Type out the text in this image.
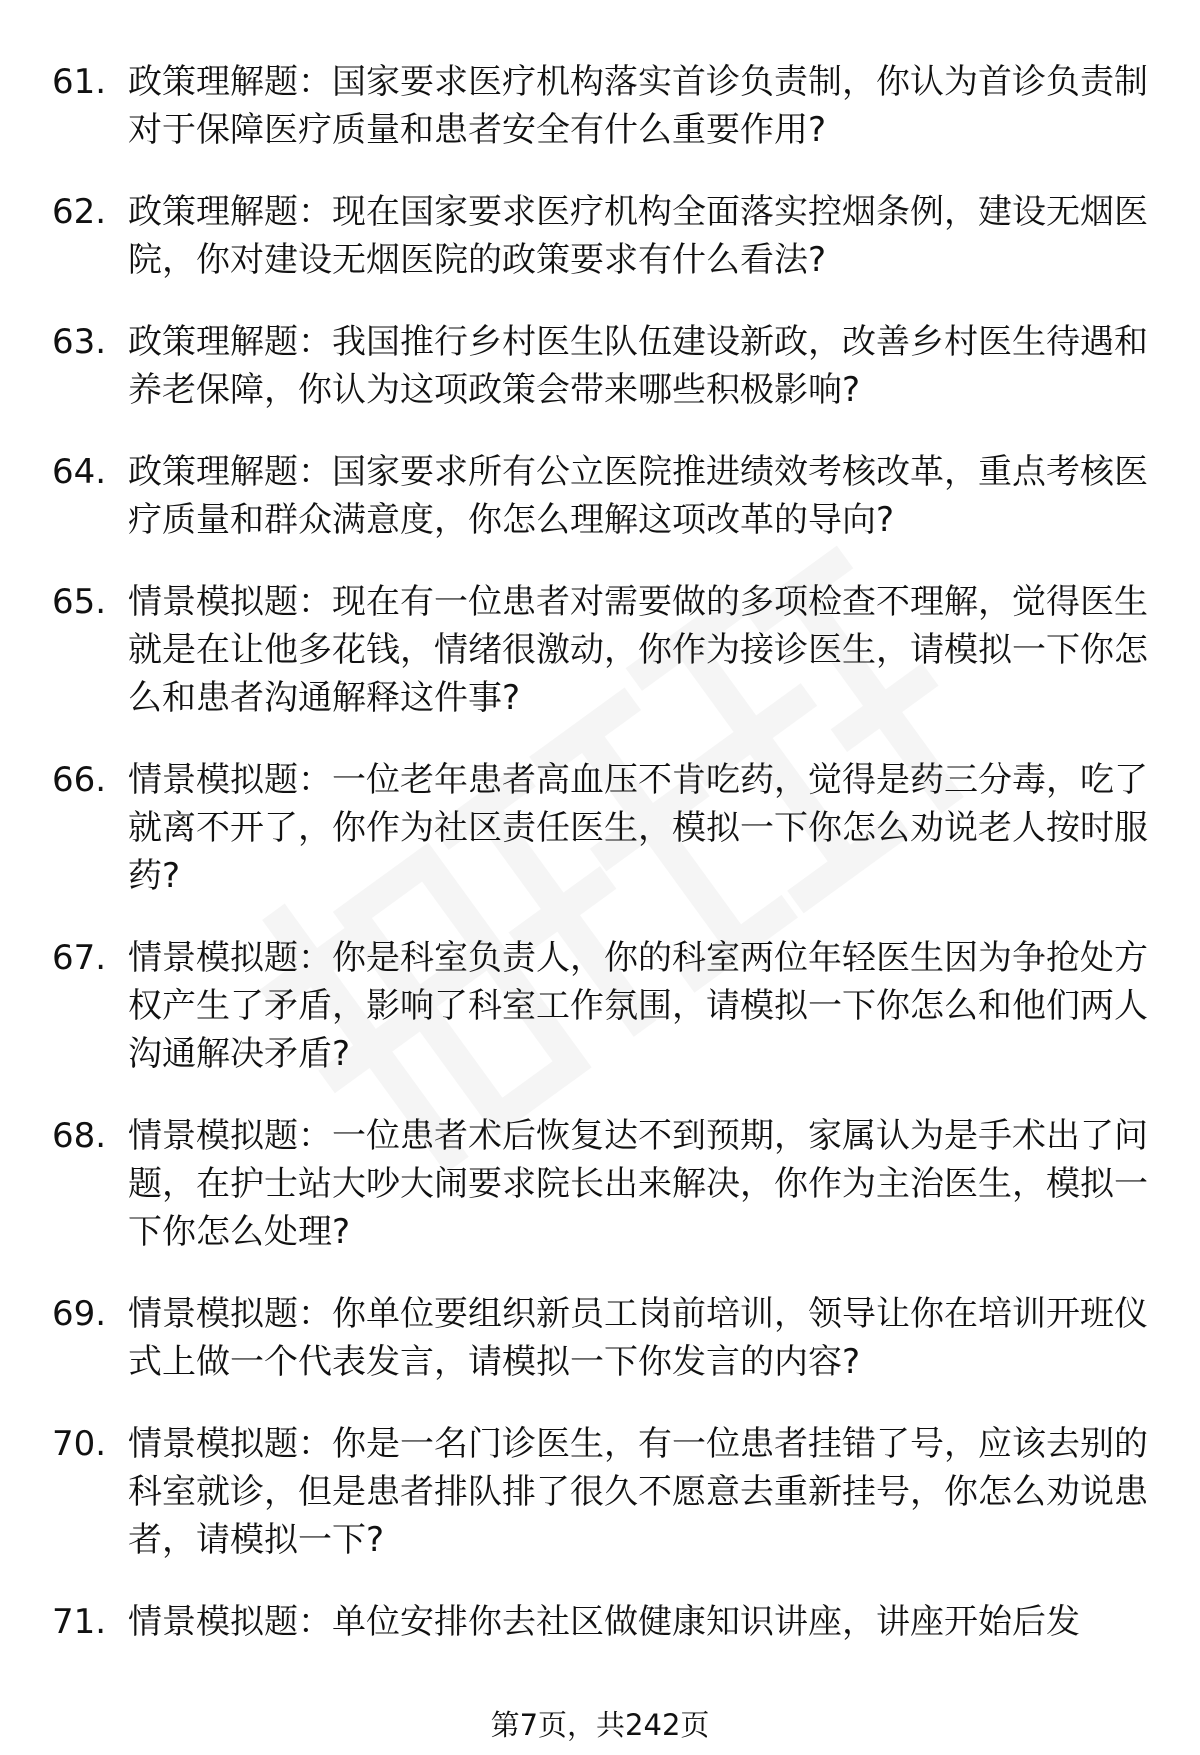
61. 政策理解题：国家要求医疗机构落实首诊负责制，你认为首诊负责制对于保障医疗质量和患者安全有什么重要作用?
62. 政策理解题：现在国家要求医疗机构全面落实控烟条例，建设无烟医院，你对建设无烟医院的政策要求有什么看法?
63. 政策理解题：我国推行乡村医生队伍建设新政，改善乡村医生待遇和养老保障，你认为这项政策会带来哪些积极影响?
64. 政策理解题：国家要求所有公立医院推进绩效考核改革，重点考核医疗质量和群众满意度，你怎么理解这项改革的导向?
65. 情景模拟题：现在有一位患者对需要做的多项检查不理解，觉得医生就是在让他多花钱，情绪很激动，你作为接诊医生，请模拟一下你怎么和患者沟通解释这件事?
66. 情景模拟题：一位老年患者高血压不肯吃药，觉得是药三分毒，吃了就离不开了，你作为社区责任医生，模拟一下你怎么劝说老人按时服药?
67. 情景模拟题：你是科室负责人，你的科室两位年轻医生因为争抢处方权产生了矛盾，影响了科室工作氛围，请模拟一下你怎么和他们两人沟通解决矛盾?
68. 情景模拟题：一位患者术后恢复达不到预期，家属认为是手术出了问题，在护士站大吵大闹要求院长出来解决，你作为主治医生，模拟一下你怎么处理?
69. 情景模拟题：你单位要组织新员工岗前培训，领导让你在培训开班仪式上做一个代表发言，请模拟一下你发言的内容?
70. 情景模拟题：你是一名门诊医生，有一位患者挂错了号，应该去别的科室就诊，但是患者排队排了很久不愿意去重新挂号，你怎么劝说患者，请模拟一下?
71. 情景模拟题：单位安排你去社区做健康知识讲座，讲座开始后发
第7页，共242页
